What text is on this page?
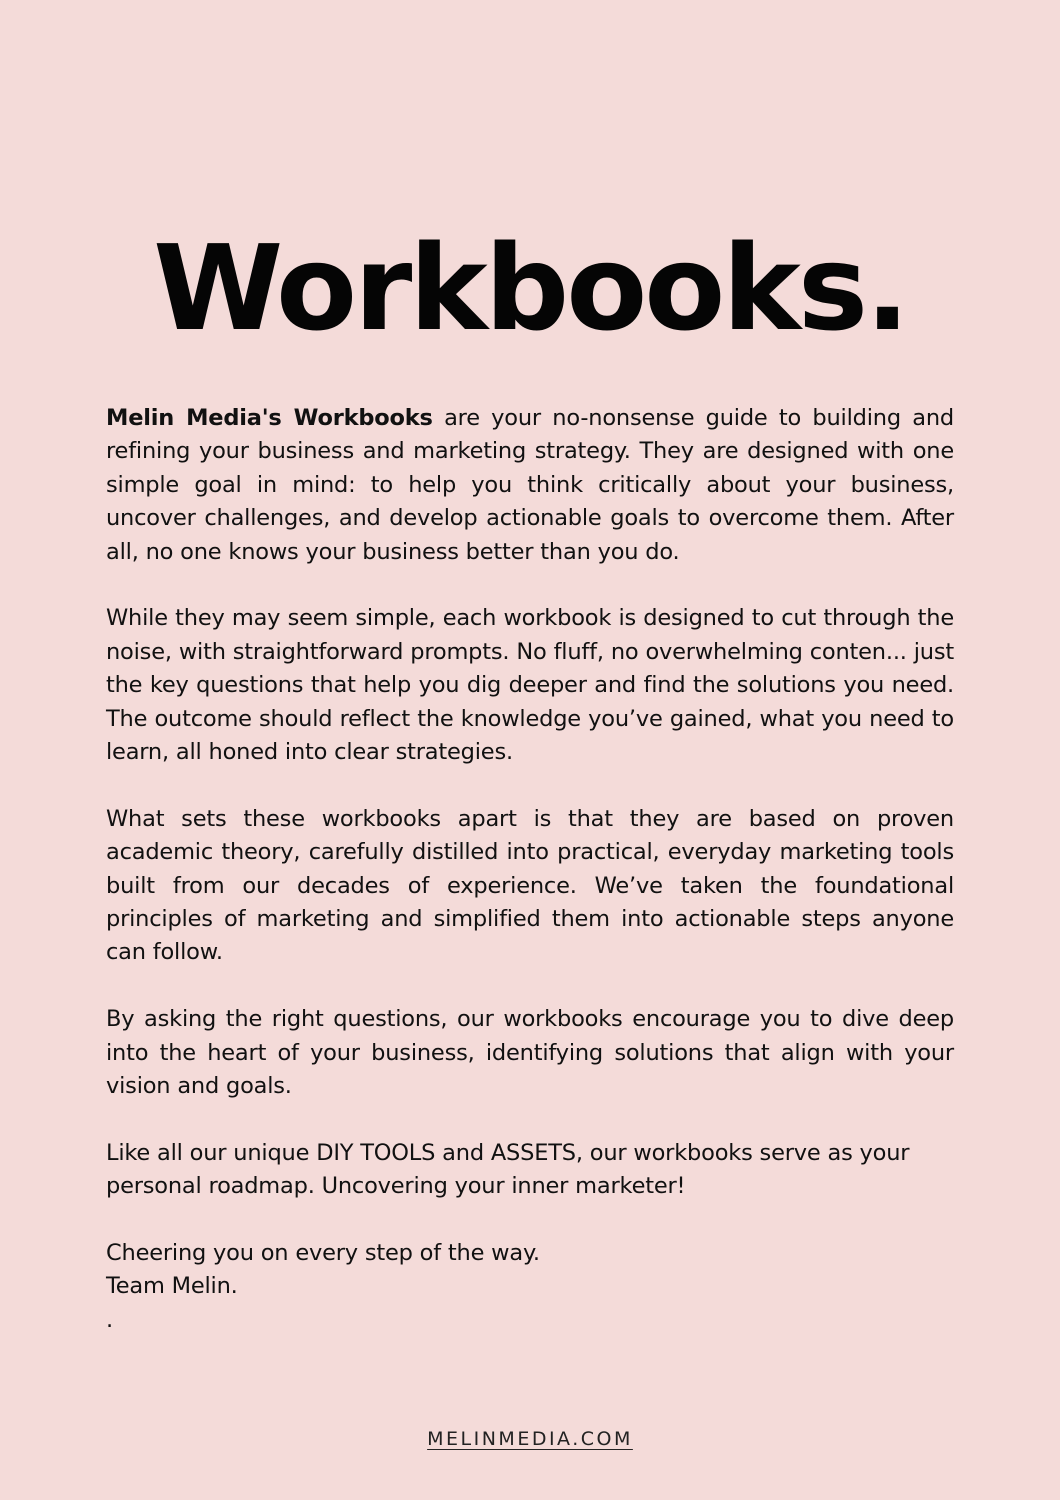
Workbooks.

Melin Media's Workbooks are your no-nonsense guide to building and refining your business and marketing strategy. They are designed with one simple goal in mind: to help you think critically about your business, uncover challenges, and develop actionable goals to overcome them. After all, no one knows your business better than you do.

While they may seem simple, each workbook is designed to cut through the noise, with straightforward prompts. No fluff, no overwhelming conten... just the key questions that help you dig deeper and find the solutions you need. The outcome should reflect the knowledge you’ve gained, what you need to learn, all honed into clear strategies.

What sets these workbooks apart is that they are based on proven academic theory, carefully distilled into practical, everyday marketing tools built from our decades of experience. We’ve taken the foundational principles of marketing and simplified them into actionable steps anyone can follow.

By asking the right questions, our workbooks encourage you to dive deep into the heart of your business, identifying solutions that align with your vision and goals.

Like all our unique DIY TOOLS and ASSETS, our workbooks serve as your personal roadmap. Uncovering your inner marketer!

Cheering you on every step of the way.

Team Melin.

.

MELINMEDIA.COM
